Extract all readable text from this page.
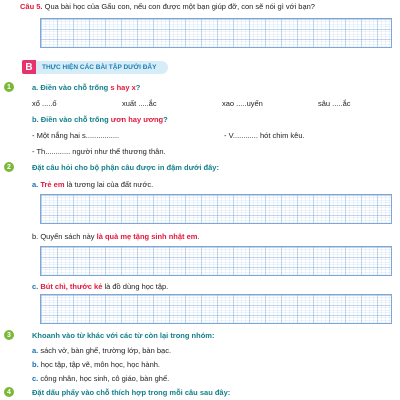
Câu 5. Qua bài học của Gấu con, nếu con được một bạn giúp đỡ, con sẽ nói gì với bạn?
B	THỰC HIỆN CÁC BÀI TẬP DƯỚI ĐÂY
1	a. Điền vào chỗ trống s hay x?
xổ .....ố	xuất .....ắc	xao .....uyến	sâu .....ắc
b. Điền vào chỗ trống ươn hay ương?
- Một nắng hai s................	- V............ hót chim kêu.
- Th............ người như thể thương thân.
2	Đặt câu hỏi cho bộ phận câu được in đậm dưới đây:
a. Trẻ em là tương lai của đất nước.
b. Quyển sách này là quà mẹ tặng sinh nhật em.
c. Bút chì, thước kẻ là đồ dùng học tập.
3	Khoanh vào từ khác với các từ còn lại trong nhóm:
a. sách vở, bàn ghế, trường lớp, bàn bạc.
b. học tập, tập vẽ, môn học, học hành.
c. công nhân, học sinh, cô giáo, bàn ghế.
4	Đặt dấu phẩy vào chỗ thích hợp trong mỗi câu sau đây:
